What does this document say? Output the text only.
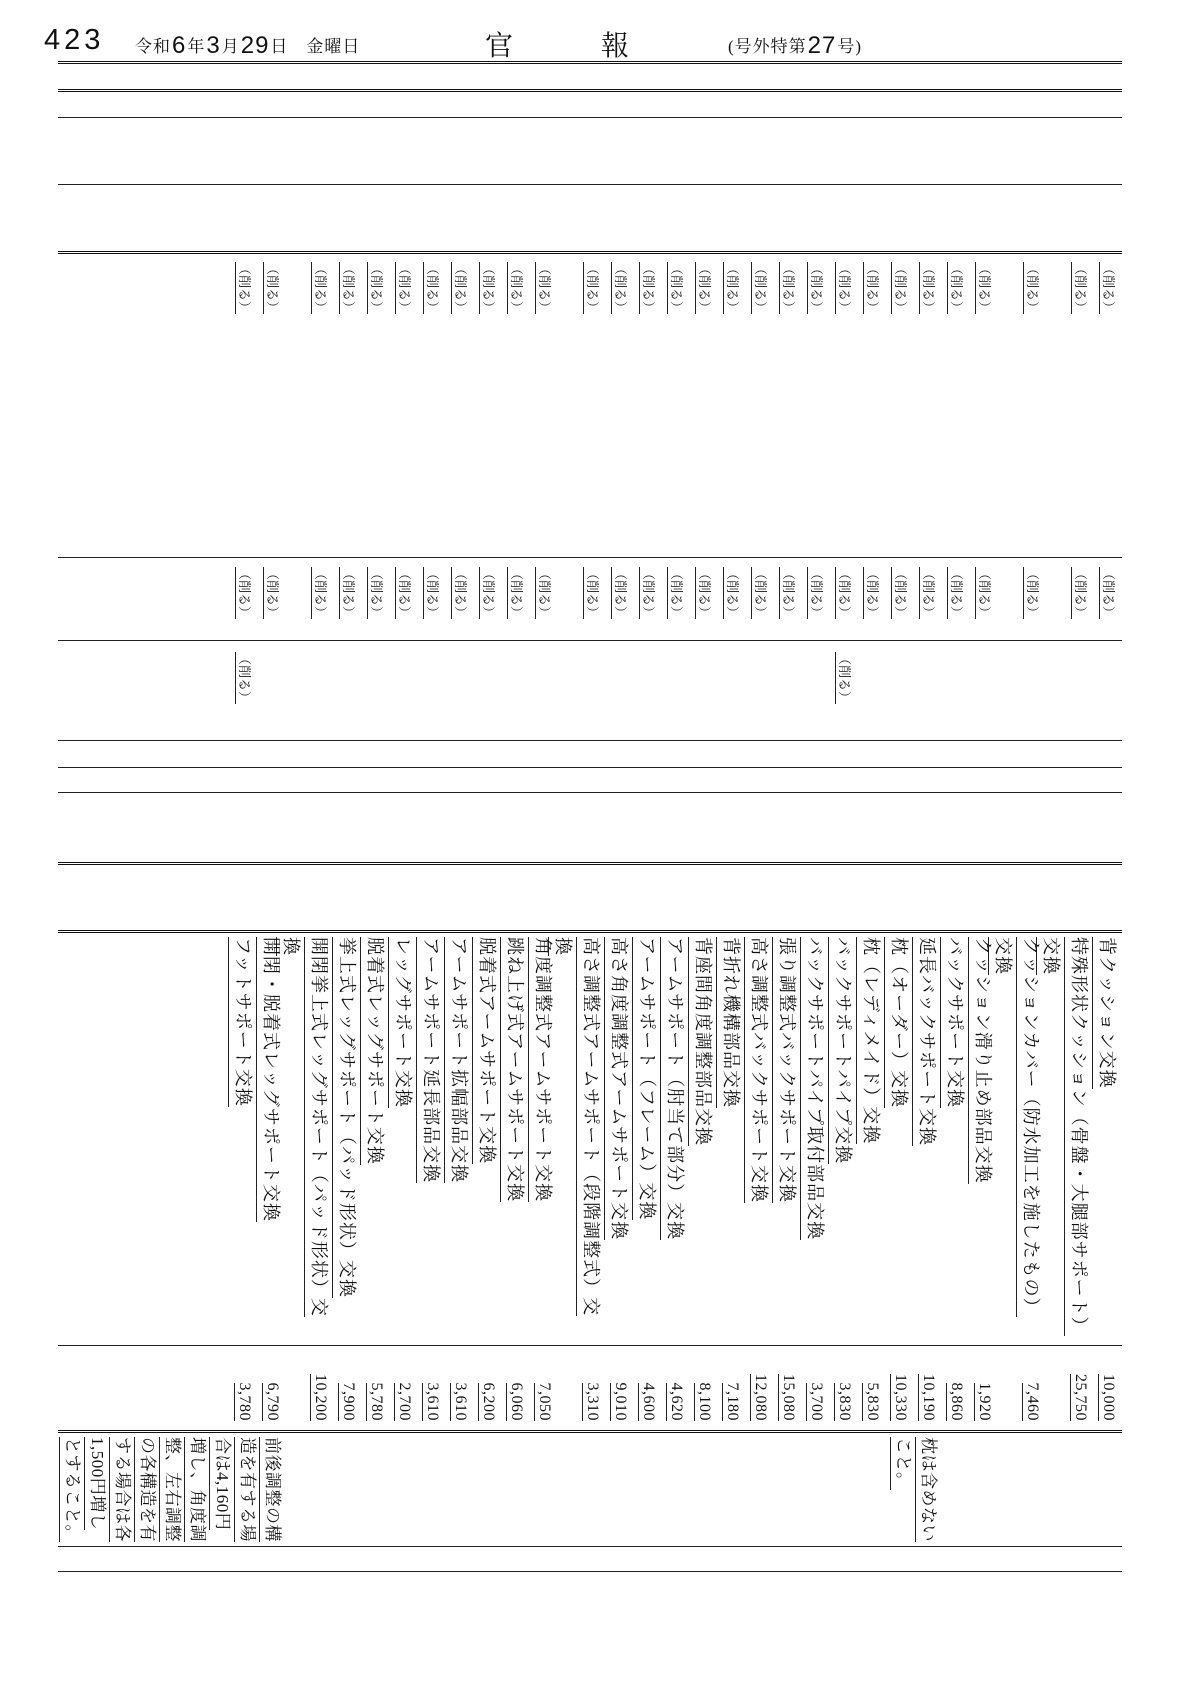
423 令和6年3月29日　金曜日	官報 (号外特第27号)
（削る）
（削る）
背クッション交換
10,000
（削る）
（削る）
特殊形状クッション（骨盤・大腿部サポート）
交換
25,750
（削る）
（削る）
クッションカバー（防水加工を施したもの）
交換
7,460
（削る）
（削る）
クッション滑り止め部品交換
1,920
（削る）
（削る）
バックサポート交換
8,860
（削る）
（削る）
延長バックサポート交換
10,190
枕は含めない
こと。
（削る）
（削る）
枕（オーダー）交換
10,330
（削る）
（削る）
枕（レディメイド）交換
5,830
（削る）
（削る）
（削る）
バックサポートパイプ交換
3,830
（削る）
（削る）
バックサポートパイプ取付部品交換
3,700
（削る）
（削る）
張り調整式バックサポート交換
15,080
（削る）
（削る）
高さ調整式バックサポート交換
12,080
（削る）
（削る）
背折れ機構部品交換
7,180
（削る）
（削る）
背座間角度調整部品交換
8,100
（削る）
（削る）
アームサポート（肘当て部分）交換
4,620
（削る）
（削る）
アームサポート（フレーム）交換
4,600
（削る）
（削る）
高さ角度調整式アームサポート交換
9,010
（削る）
（削る）
高さ調整式アームサポート（段階調整式）交
換
3,310
（削る）
（削る）
角度調整式アームサポート交換
7,050
（削る）
（削る）
跳ね上げ式アームサポート交換
6,060
（削る）
（削る）
脱着式アームサポート交換
6,200
（削る）
（削る）
アームサポート拡幅部品交換
3,610
（削る）
（削る）
アームサポート延長部品交換
3,610
（削る）
（削る）
レッグサポート交換
2,700
（削る）
（削る）
脱着式レッグサポート交換
5,780
（削る）
（削る）
挙上式レッグサポート（パッド形状）交換
7,900
（削る）
（削る）
開閉挙上式レッグサポート（パッド形状）交
換
10,200
（削る）
（削る）
開閉・脱着式レッグサポート交換
6,790
前後調整の構
造を有する場
合は4,160円
増し、角度調
整、左右調整
の各構造を有
する場合は各
1,500円増し
とすること。
（削る）
（削る）
（削る）
フットサポート交換
3,780
